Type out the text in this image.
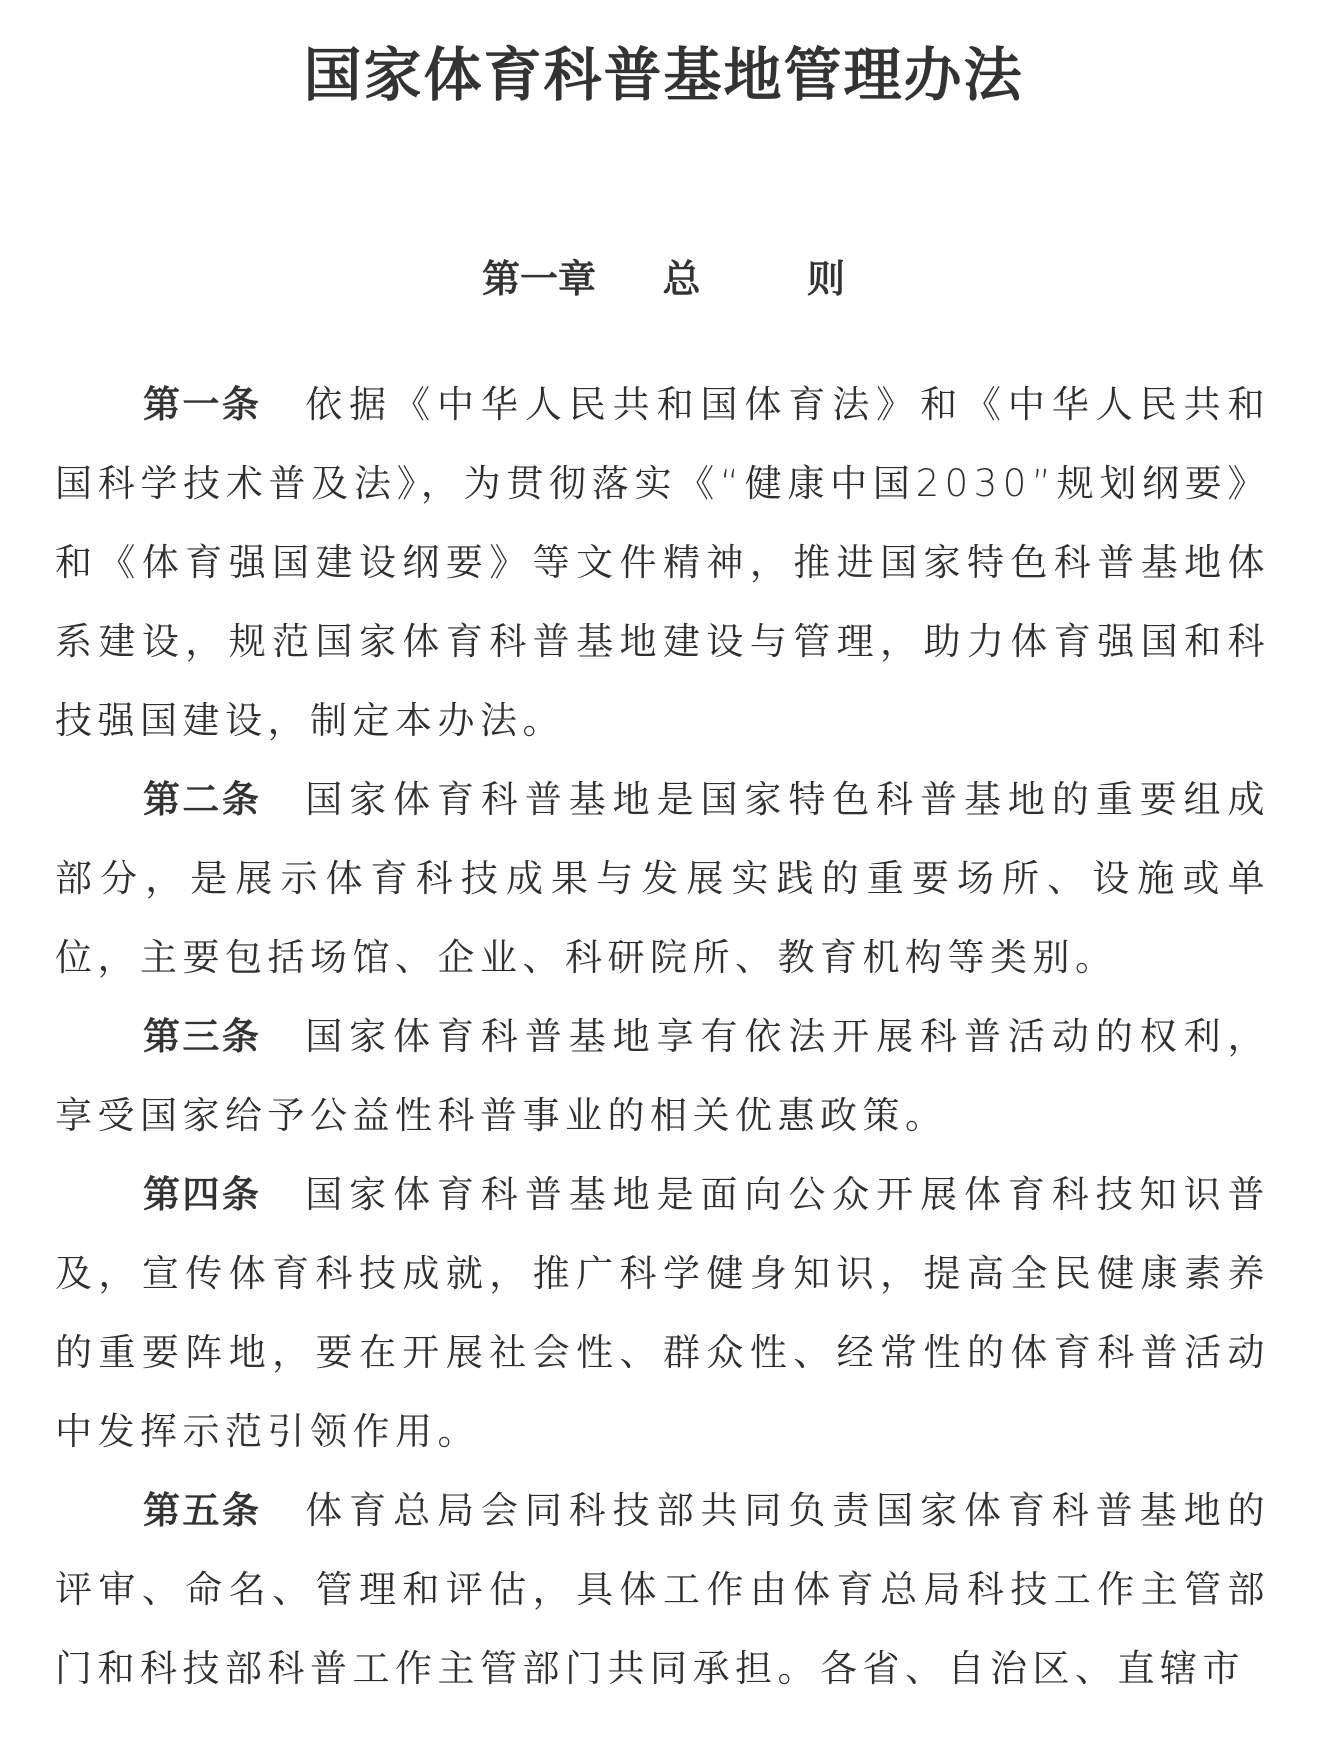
国家体育科普基地管理办法
第一章 总	则

第一条 依据《中华人民共和国体育法》和《中华人民共和国科学技术普及法》，为贯彻落实《“健康中国2030”规划纲要》和《体育强国建设纲要》等文件精神，推进国家特色科普基地体系建设，规范国家体育科普基地建设与管理，助力体育强国和科技强国建设，制定本办法。

第二条 国家体育科普基地是国家特色科普基地的重要组成部分，是展示体育科技成果与发展实践的重要场所、设施或单位，主要包括场馆、企业、科研院所、教育机构等类别。

第三条 国家体育科普基地享有依法开展科普活动的权利，享受国家给予公益性科普事业的相关优惠政策。

第四条 国家体育科普基地是面向公众开展体育科技知识普及，宣传体育科技成就，推广科学健身知识，提高全民健康素养的重要阵地，要在开展社会性、群众性、经常性的体育科普活动中发挥示范引领作用。

第五条 体育总局会同科技部共同负责国家体育科普基地的评审、命名、管理和评估，具体工作由体育总局科技工作主管部门和科技部科普工作主管部门共同承担。各省、自治区、直辖市
